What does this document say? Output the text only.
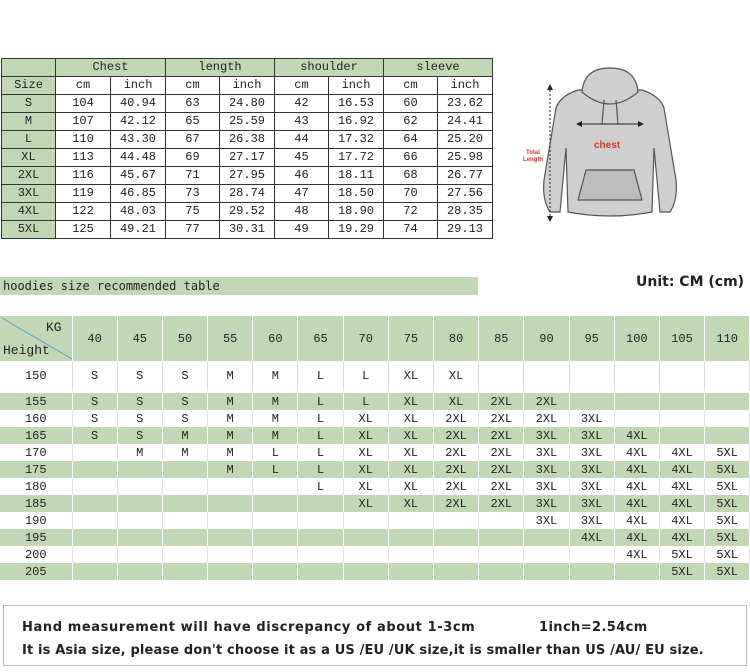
	Chest		length		shoulder		sleeve	
Size	cm	inch	cm	inch	cm	inch	cm	inch
S	104	40.94	63	24.80	42	16.53	60	23.62
M	107	42.12	65	25.59	43	16.92	62	24.41
L	110	43.30	67	26.38	44	17.32	64	25.20
XL	113	44.48	69	27.17	45	17.72	66	25.98
2XL	116	45.67	71	27.95	46	18.11	68	26.77
3XL	119	46.85	73	28.74	47	18.50	70	27.56
4XL	122	48.03	75	29.52	48	18.90	72	28.35
5XL	125	49.21	77	30.31	49	19.29	74	29.13
chest
Total
Length
hoodies size recommended table	Unit: CM (cm)
KG
Height	40	45	50	55	60	65	70	75	80	85	90	95	100	105	110
150	S	S	S	M	M	L	L	XL	XL						
155	S	S	S	M	M	L	L	XL	XL	2XL	2XL				
160	S	S	S	M	M	L	XL	XL	2XL	2XL	2XL	3XL			
165	S	S	M	M	M	L	XL	XL	2XL	2XL	3XL	3XL	4XL		
170		M	M	M	L	L	XL	XL	2XL	2XL	3XL	3XL	4XL	4XL	5XL
175				M	L	L	XL	XL	2XL	2XL	3XL	3XL	4XL	4XL	5XL
180						L	XL	XL	2XL	2XL	3XL	3XL	4XL	4XL	5XL
185							XL	XL	2XL	2XL	3XL	3XL	4XL	4XL	5XL
190											3XL	3XL	4XL	4XL	5XL
195												4XL	4XL	4XL	5XL
200													4XL	5XL	5XL
205														5XL	5XL
Hand measurement will have discrepancy of about 1-3cm	1inch=2.54cm
It is Asia size, please don't choose it as a US /EU /UK size,it is smaller than US /AU/ EU size.
